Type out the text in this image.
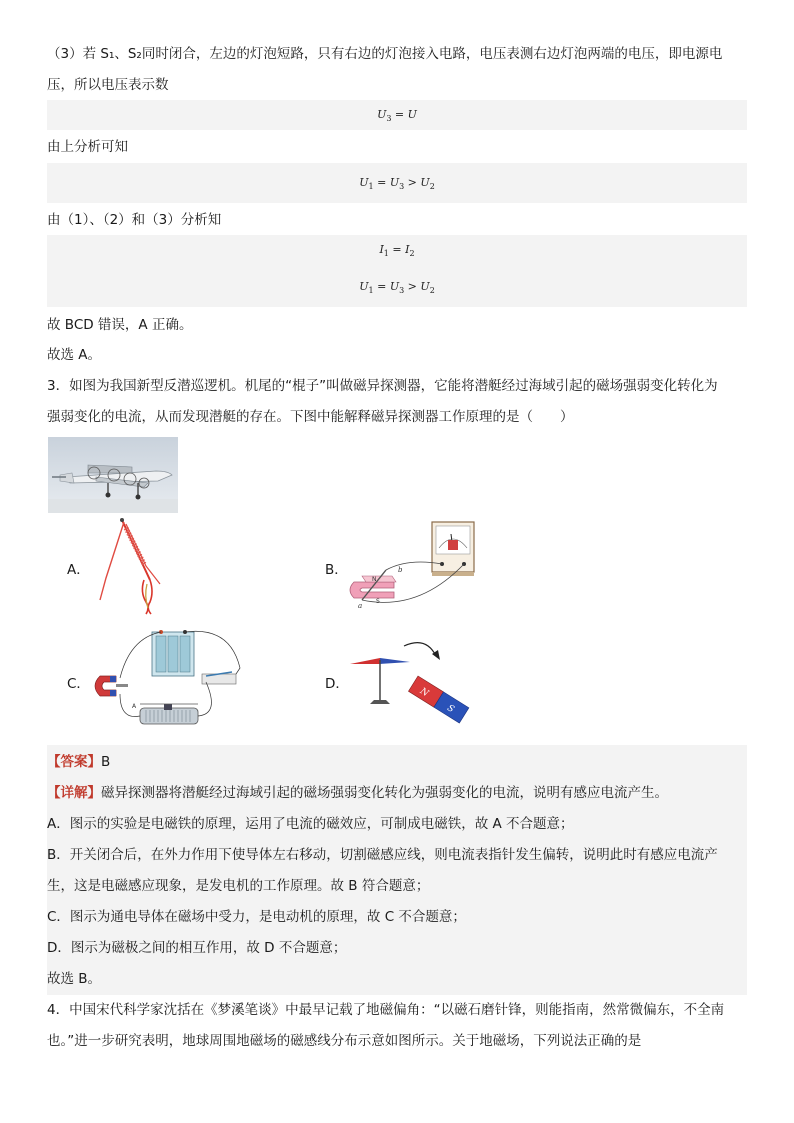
（3）若 S₁、S₂同时闭合，左边的灯泡短路，只有右边的灯泡接入电路，电压表测右边灯泡两端的电压，即电源电
压，所以电压表示数
$U_3 = U$
由上分析可知
$U_1 = U_3 > U_2$
由（1）、（2）和（3）分析知
$I_1 = I_2$
$U_1 = U_3 > U_2$
故 BCD 错误，A 正确。
故选 A。
3．如图为我国新型反潜巡逻机。机尾的“棍子”叫做磁异探测器，它能将潜艇经过海域引起的磁场强弱变化转化为
强弱变化的电流，从而发现潜艇的存在。下图中能解释磁异探测器工作原理的是（　　）
A．	B．
N
S
a
b
C．
A
D．
N
S
【答案】B
【详解】磁异探测器将潜艇经过海域引起的磁场强弱变化转化为强弱变化的电流，说明有感应电流产生。
A．图示的实验是电磁铁的原理，运用了电流的磁效应，可制成电磁铁，故 A 不合题意；
B．开关闭合后，在外力作用下使导体左右移动，切割磁感应线，则电流表指针发生偏转，说明此时有感应电流产
生，这是电磁感应现象，是发电机的工作原理。故 B 符合题意；
C．图示为通电导体在磁场中受力，是电动机的原理，故 C 不合题意；
D．图示为磁极之间的相互作用，故 D 不合题意；
故选 B。
4．中国宋代科学家沈括在《梦溪笔谈》中最早记载了地磁偏角：“以磁石磨针锋，则能指南，然常微偏东，不全南
也。”进一步研究表明，地球周围地磁场的磁感线分布示意如图所示。关于地磁场，下列说法正确的是
